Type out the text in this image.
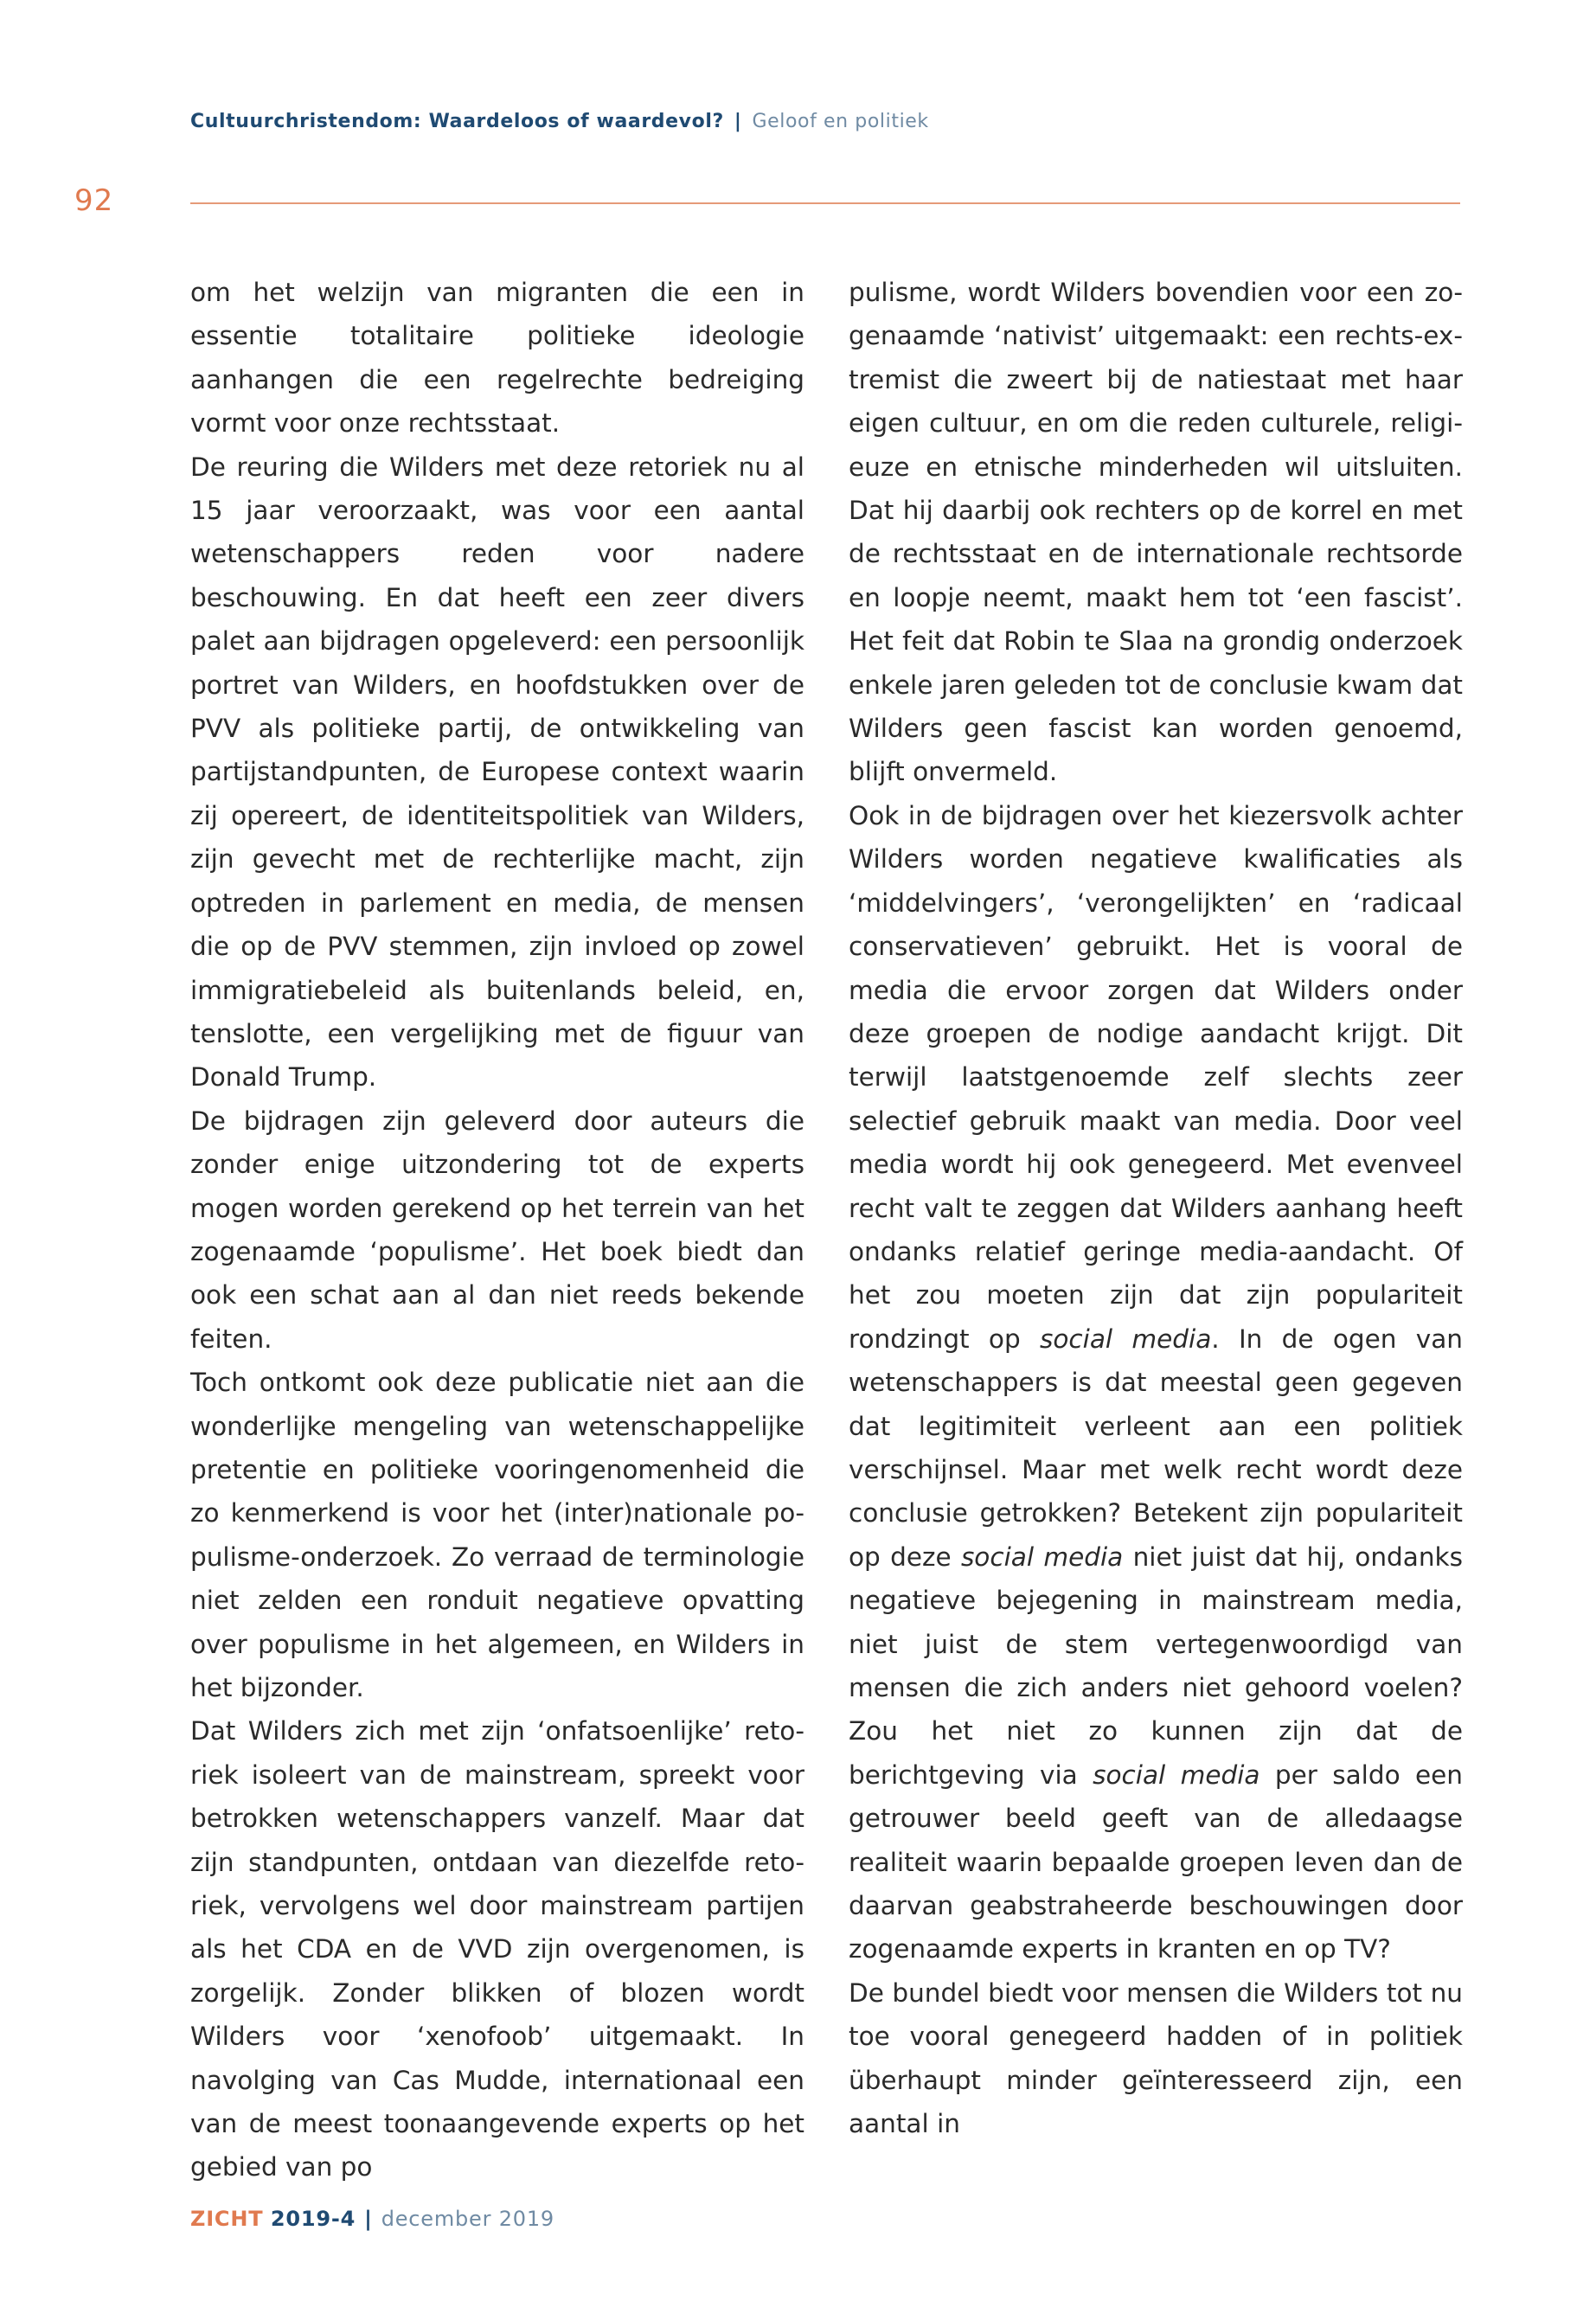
Cultuurchristendom: Waardeloos of waardevol? | Geloof en politiek
92

om het welzijn van migranten die een in essentie totalitaire politieke ideologie aanhangen die een regelrechte bedreiging vormt voor onze rechtsstaat.

De reuring die Wilders met deze retoriek nu al 15 jaar veroorzaakt, was voor een aantal wetenschappers reden voor nadere beschouwing. En dat heeft een zeer divers palet aan bijdragen opgeleverd: een persoonlijk portret van Wilders, en hoofdstukken over de PVV als politieke partij, de ontwikkeling van partijstandpunten, de Europese context waarin zij opereert, de identiteitspolitiek van Wilders, zijn gevecht met de rechterlijke macht, zijn optreden in parlement en media, de mensen die op de PVV stemmen, zijn invloed op zowel immigratiebeleid als buitenlands beleid, en, tenslotte, een vergelijking met de figuur van Donald Trump.

De bijdragen zijn geleverd door auteurs die zonder enige uitzondering tot de experts mogen worden gerekend op het terrein van het zogenaamde ‘populisme’. Het boek biedt dan ook een schat aan al dan niet reeds bekende feiten.

Toch ontkomt ook deze publicatie niet aan die wonderlijke mengeling van wetenschappelijke pretentie en politieke vooringenomenheid die zo kenmerkend is voor het (inter)nationale populisme-onderzoek. Zo verraad de terminologie niet zelden een ronduit negatieve opvatting over populisme in het algemeen, en Wilders in het bijzonder.

Dat Wilders zich met zijn ‘onfatsoenlijke’ retoriek isoleert van de mainstream, spreekt voor betrokken wetenschappers vanzelf. Maar dat zijn standpunten, ontdaan van diezelfde retoriek, vervolgens wel door mainstream partijen als het CDA en de VVD zijn overgenomen, is zorgelijk. Zonder blikken of blozen wordt Wilders voor ‘xenofoob’ uitgemaakt. In navolging van Cas Mudde, internationaal een van de meest toonaangevende experts op het gebied van po

pulisme, wordt Wilders bovendien voor een zogenaamde ‘nativist’ uitgemaakt: een rechts-extremist die zweert bij de natiestaat met haar eigen cultuur, en om die reden culturele, religieuze en etnische minderheden wil uitsluiten. Dat hij daarbij ook rechters op de korrel en met de rechtsstaat en de internationale rechtsorde en loopje neemt, maakt hem tot ‘een fascist’. Het feit dat Robin te Slaa na grondig onderzoek enkele jaren geleden tot de conclusie kwam dat Wilders geen fascist kan worden genoemd, blijft onvermeld.

Ook in de bijdragen over het kiezersvolk achter Wilders worden negatieve kwalificaties als ‘middelvingers’, ‘verongelijkten’ en ‘radicaal conservatieven’ gebruikt. Het is vooral de media die ervoor zorgen dat Wilders onder deze groepen de nodige aandacht krijgt. Dit terwijl laatstgenoemde zelf slechts zeer selectief gebruik maakt van media. Door veel media wordt hij ook genegeerd. Met evenveel recht valt te zeggen dat Wilders aanhang heeft ondanks relatief geringe media-aandacht. Of het zou moeten zijn dat zijn populariteit rondzingt op social media. In de ogen van wetenschappers is dat meestal geen gegeven dat legitimiteit verleent aan een politiek verschijnsel. Maar met welk recht wordt deze conclusie getrokken? Betekent zijn populariteit op deze social media niet juist dat hij, ondanks negatieve bejegening in mainstream media, niet juist de stem vertegenwoordigd van mensen die zich anders niet gehoord voelen? Zou het niet zo kunnen zijn dat de berichtgeving via social media per saldo een getrouwer beeld geeft van de alledaagse realiteit waarin bepaalde groepen leven dan de daarvan geabstraheerde beschouwingen door zogenaamde experts in kranten en op TV?

De bundel biedt voor mensen die Wilders tot nu toe vooral genegeerd hadden of in politiek überhaupt minder geïnteresseerd zijn, een aantal in

ZICHT 2019-4 | december 2019
